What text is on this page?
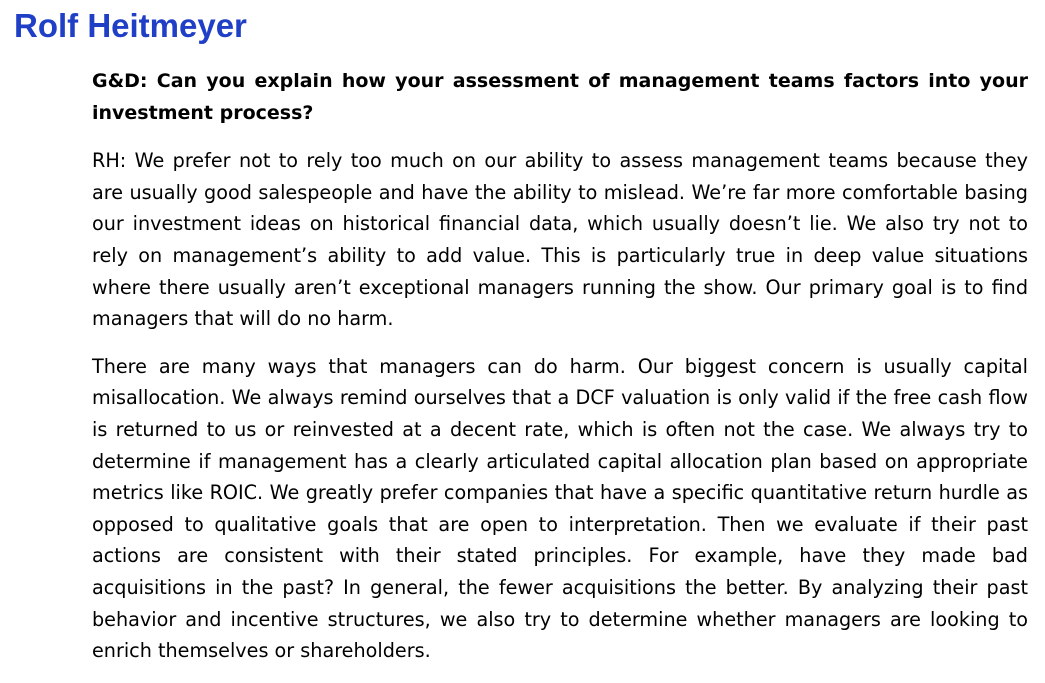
Rolf Heitmeyer

G&D: Can you explain how your assessment of management teams factors into your investment process?

RH: We prefer not to rely too much on our ability to assess management teams because they are usually good salespeople and have the ability to mislead. We’re far more comfortable basing our investment ideas on historical financial data, which usually doesn’t lie. We also try not to rely on management’s ability to add value. This is particularly true in deep value situations where there usually aren’t exceptional managers running the show. Our primary goal is to find managers that will do no harm.

There are many ways that managers can do harm. Our biggest concern is usually capital misallocation. We always remind ourselves that a DCF valuation is only valid if the free cash flow is returned to us or reinvested at a decent rate, which is often not the case. We always try to determine if management has a clearly articulated capital allocation plan based on appropriate metrics like ROIC. We greatly prefer companies that have a specific quantitative return hurdle as opposed to qualitative goals that are open to interpretation. Then we evaluate if their past actions are consistent with their stated principles. For example, have they made bad acquisitions in the past? In general, the fewer acquisitions the better. By analyzing their past behavior and incentive structures, we also try to determine whether managers are looking to enrich themselves or shareholders.
